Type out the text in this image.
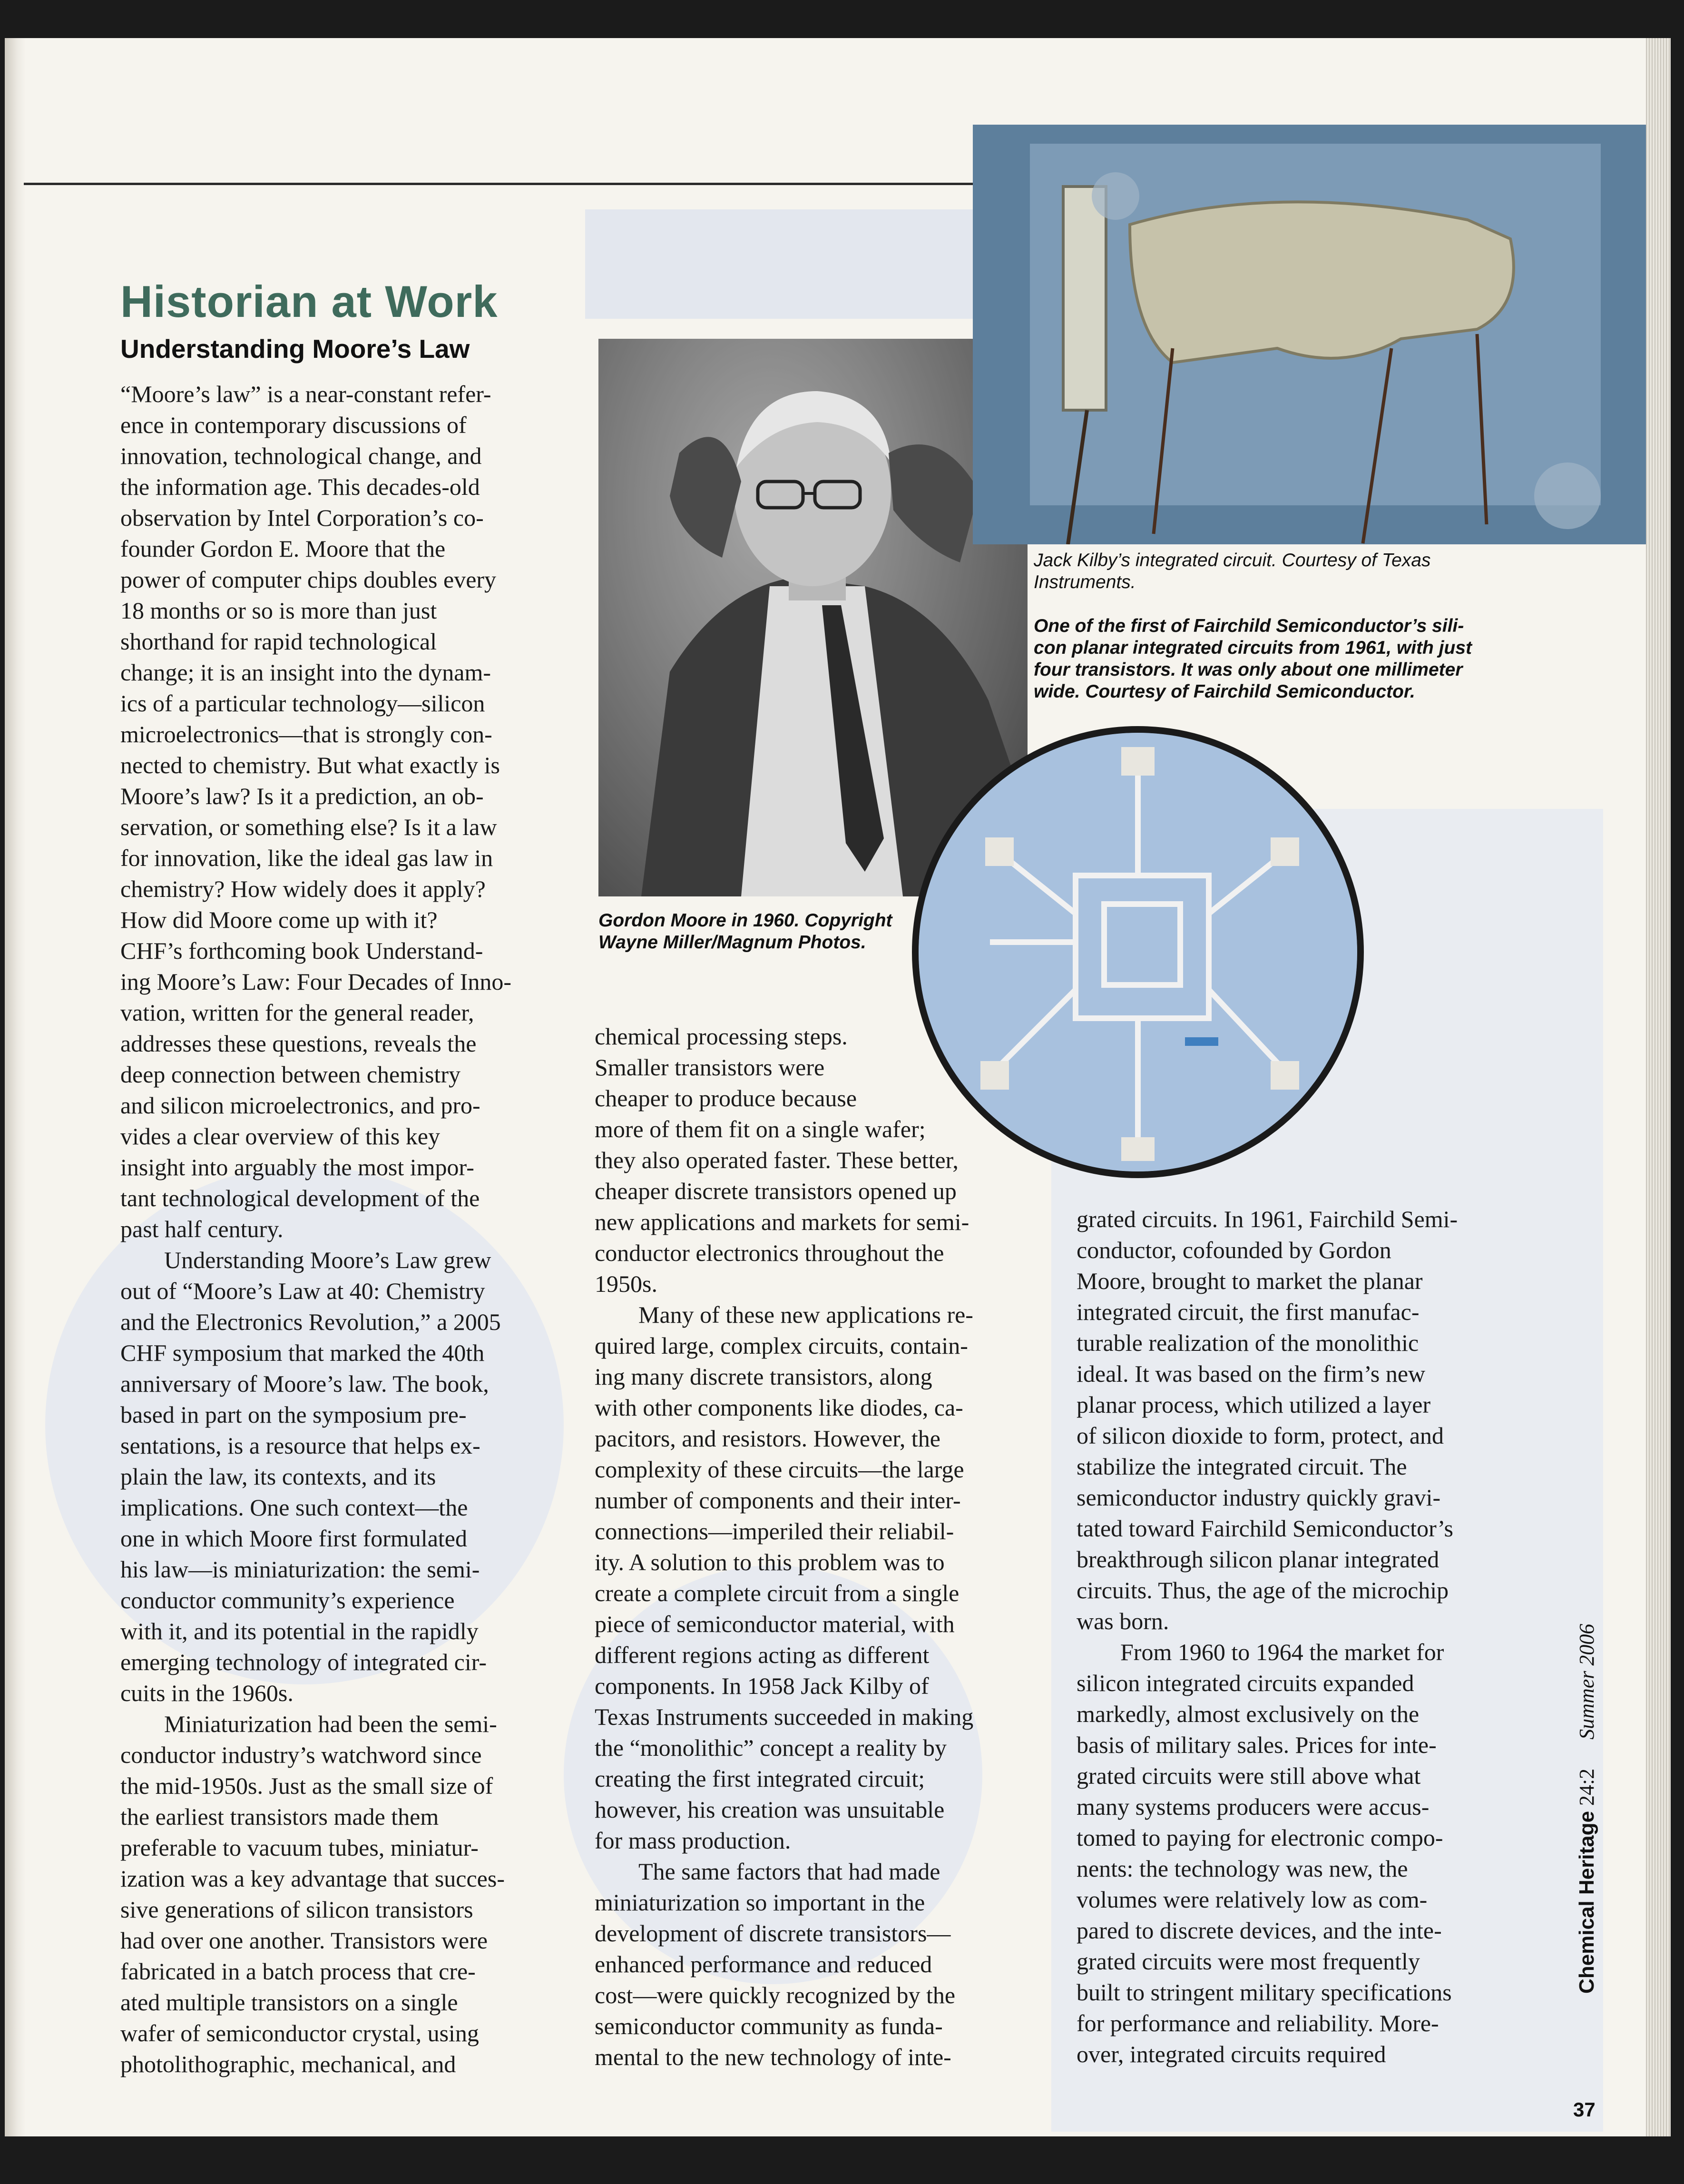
Historian at Work
Understanding Moore’s Law
“Moore’s law” is a near-constant refer-
ence in contemporary discussions of
innovation, technological change, and
the information age. This decades-old
observation by Intel Corporation’s co-
founder Gordon E. Moore that the
power of computer chips doubles every
18 months or so is more than just
shorthand for rapid technological
change; it is an insight into the dynam-
ics of a particular technology—silicon
microelectronics—that is strongly con-
nected to chemistry. But what exactly is
Moore’s law? Is it a prediction, an ob-
servation, or something else? Is it a law
for innovation, like the ideal gas law in
chemistry? How widely does it apply?
How did Moore come up with it?
CHF’s forthcoming book Understand-
ing Moore’s Law: Four Decades of Inno-
vation, written for the general reader,
addresses these questions, reveals the
deep connection between chemistry
and silicon microelectronics, and pro-
vides a clear overview of this key
insight into arguably the most impor-
tant technological development of the
past half century.
Understanding Moore’s Law grew
out of “Moore’s Law at 40: Chemistry
and the Electronics Revolution,” a 2005
CHF symposium that marked the 40th
anniversary of Moore’s law. The book,
based in part on the symposium pre-
sentations, is a resource that helps ex-
plain the law, its contexts, and its
implications. One such context—the
one in which Moore first formulated
his law—is miniaturization: the semi-
conductor community’s experience
with it, and its potential in the rapidly
emerging technology of integrated cir-
cuits in the 1960s.
Miniaturization had been the semi-
conductor industry’s watchword since
the mid-1950s. Just as the small size of
the earliest transistors made them
preferable to vacuum tubes, miniatur-
ization was a key advantage that succes-
sive generations of silicon transistors
had over one another. Transistors were
fabricated in a batch process that cre-
ated multiple transistors on a single
wafer of semiconductor crystal, using
photolithographic, mechanical, and
chemical processing steps.
Smaller transistors were
cheaper to produce because
more of them fit on a single wafer;
they also operated faster. These better,
cheaper discrete transistors opened up
new applications and markets for semi-
conductor electronics throughout the
1950s.
Many of these new applications re-
quired large, complex circuits, contain-
ing many discrete transistors, along
with other components like diodes, ca-
pacitors, and resistors. However, the
complexity of these circuits—the large
number of components and their inter-
connections—imperiled their reliabil-
ity. A solution to this problem was to
create a complete circuit from a single
piece of semiconductor material, with
different regions acting as different
components. In 1958 Jack Kilby of
Texas Instruments succeeded in making
the “monolithic” concept a reality by
creating the first integrated circuit;
however, his creation was unsuitable
for mass production.
The same factors that had made
miniaturization so important in the
development of discrete transistors—
enhanced performance and reduced
cost—were quickly recognized by the
semiconductor community as funda-
mental to the new technology of inte-
grated circuits. In 1961, Fairchild Semi-
conductor, cofounded by Gordon
Moore, brought to market the planar
integrated circuit, the first manufac-
turable realization of the monolithic
ideal. It was based on the firm’s new
planar process, which utilized a layer
of silicon dioxide to form, protect, and
stabilize the integrated circuit. The
semiconductor industry quickly gravi-
tated toward Fairchild Semiconductor’s
breakthrough silicon planar integrated
circuits. Thus, the age of the microchip
was born.
From 1960 to 1964 the market for
silicon integrated circuits expanded
markedly, almost exclusively on the
basis of military sales. Prices for inte-
grated circuits were still above what
many systems producers were accus-
tomed to paying for electronic compo-
nents: the technology was new, the
volumes were relatively low as com-
pared to discrete devices, and the inte-
grated circuits were most frequently
built to stringent military specifications
for performance and reliability. More-
over, integrated circuits required
Jack Kilby’s integrated circuit. Courtesy of Texas
Instruments.
One of the first of Fairchild Semiconductor’s sili-
con planar integrated circuits from 1961, with just
four transistors. It was only about one millimeter
wide. Courtesy of Fairchild Semiconductor.
Gordon Moore in 1960. Copyright
Wayne Miller/Magnum Photos.
Chemical Heritage 24:2 Summer 2006
37
